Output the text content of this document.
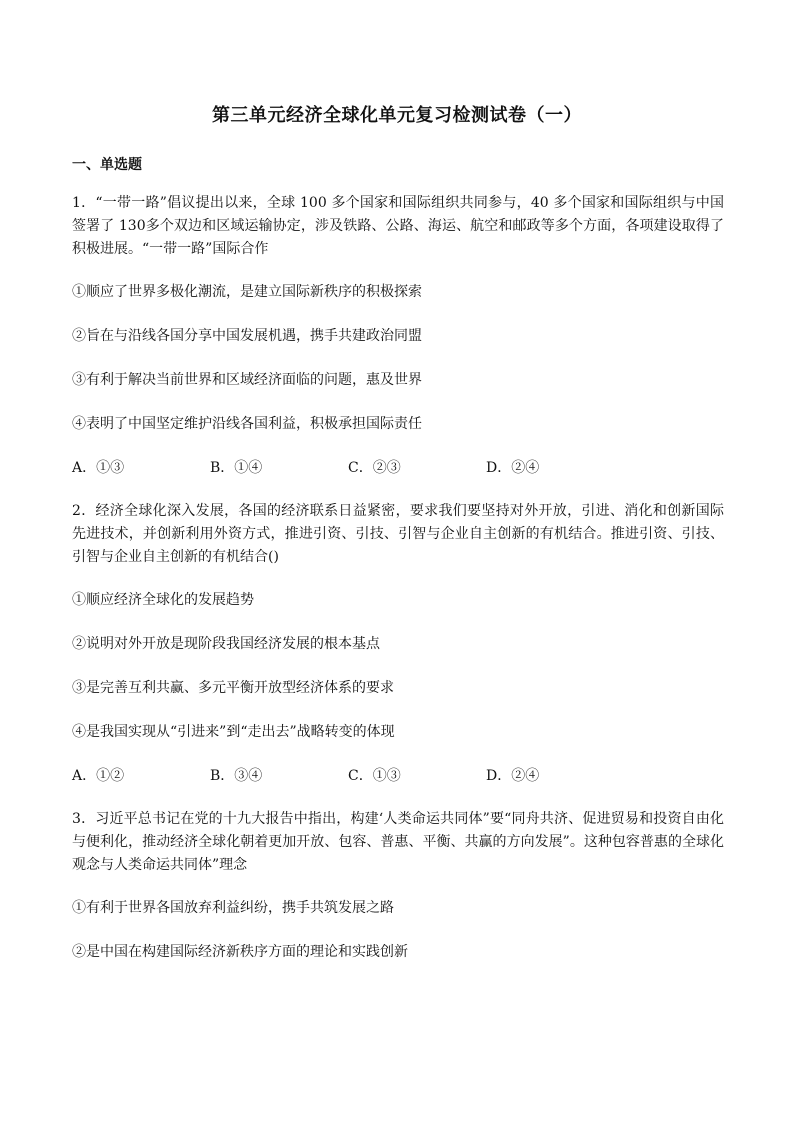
第三单元经济全球化单元复习检测试卷（一）
一、单选题
1．“一带一路”倡议提出以来，全球 100 多个国家和国际组织共同参与，40 多个国家和国际组织与中国签署了 130多个双边和区域运输协定，涉及铁路、公路、海运、航空和邮政等多个方面，各项建设取得了积极进展。“一带一路”国际合作
①顺应了世界多极化潮流，是建立国际新秩序的积极探索
②旨在与沿线各国分享中国发展机遇，携手共建政治同盟
③有利于解决当前世界和区域经济面临的问题，惠及世界
④表明了中国坚定维护沿线各国利益，积极承担国际责任
A．①③	B．①④	C．②③	D．②④
2．经济全球化深入发展，各国的经济联系日益紧密，要求我们要坚持对外开放，引进、消化和创新国际先进技术，并创新利用外资方式，推进引资、引技、引智与企业自主创新的有机结合。推进引资、引技、引智与企业自主创新的有机结合()
①顺应经济全球化的发展趋势
②说明对外开放是现阶段我国经济发展的根本基点
③是完善互利共赢、多元平衡开放型经济体系的要求
④是我国实现从“引进来”到“走出去”战略转变的体现
A．①②	B．③④	C．①③	D．②④
3．习近平总书记在党的十九大报告中指出，构建‘人类命运共同体”要“同舟共济、促进贸易和投资自由化与便利化，推动经济全球化朝着更加开放、包容、普惠、平衡、共赢的方向发展”。这种包容普惠的全球化观念与人类命运共同体”理念
①有利于世界各国放弃利益纠纷，携手共筑发展之路
②是中国在构建国际经济新秩序方面的理论和实践创新
